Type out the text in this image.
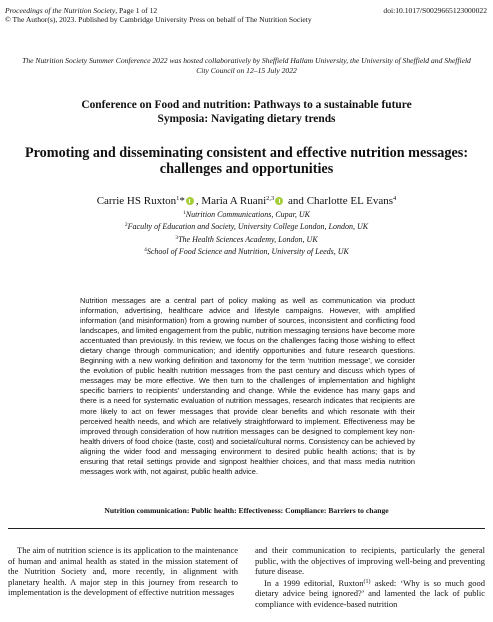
Proceedings of the Nutrition Society, Page 1 of 12
© The Author(s), 2023. Published by Cambridge University Press on behalf of The Nutrition Society
doi:10.1017/S0029665123000022
The Nutrition Society Summer Conference 2022 was hosted collaboratively by Sheffield Hallam University, the University of Sheffield and Sheffield City Council on 12–15 July 2022
Conference on Food and nutrition: Pathways to a sustainable future
Symposia: Navigating dietary trends
Promoting and disseminating consistent and effective nutrition messages: challenges and opportunities
Carrie HS Ruxton$^1$* , Maria A Ruani$^{2,3}$ and Charlotte EL Evans$^4$
$^1$Nutrition Communications, Cupar, UK
$^2$Faculty of Education and Society, University College London, London, UK
$^3$The Health Sciences Academy, London, UK
$^4$School of Food Science and Nutrition, University of Leeds, UK
Nutrition messages are a central part of policy making as well as communication via product information, advertising, healthcare advice and lifestyle campaigns. However, with amplified information (and misinformation) from a growing number of sources, inconsistent and conflicting food landscapes, and limited engagement from the public, nutrition messaging tensions have become more accentuated than previously. In this review, we focus on the challenges facing those wishing to effect dietary change through communication; and identify opportunities and future research questions. Beginning with a new working definition and taxonomy for the term ‘nutrition message’, we consider the evolution of public health nutrition messages from the past century and discuss which types of messages may be more effective. We then turn to the challenges of implementation and highlight specific barriers to recipients’ understanding and change. While the evidence has many gaps and there is a need for systematic evaluation of nutrition messages, research indicates that recipients are more likely to act on fewer messages that provide clear benefits and which resonate with their perceived health needs, and which are relatively straightforward to implement. Effectiveness may be improved through consideration of how nutrition messages can be designed to complement key non-health drivers of food choice (taste, cost) and societal/cultural norms. Consistency can be achieved by aligning the wider food and messaging environment to desired public health actions; that is by ensuring that retail settings provide and signpost healthier choices, and that mass media nutrition messages work with, not against, public health advice.
Nutrition communication: Public health: Effectiveness: Compliance: Barriers to change

The aim of nutrition science is its application to the maintenance of human and animal health as stated in the mission statement of the Nutrition Society and, more recently, in alignment with planetary health. A major step in this journey from research to implementation is the development of effective nutrition messages

and their communication to recipients, particularly the general public, with the objectives of improving well-being and preventing future disease.

In a 1999 editorial, Ruxton$^{(1)}$ asked: ‘Why is so much good dietary advice being ignored?’ and lamented the lack of public compliance with evidence-based nutrition
